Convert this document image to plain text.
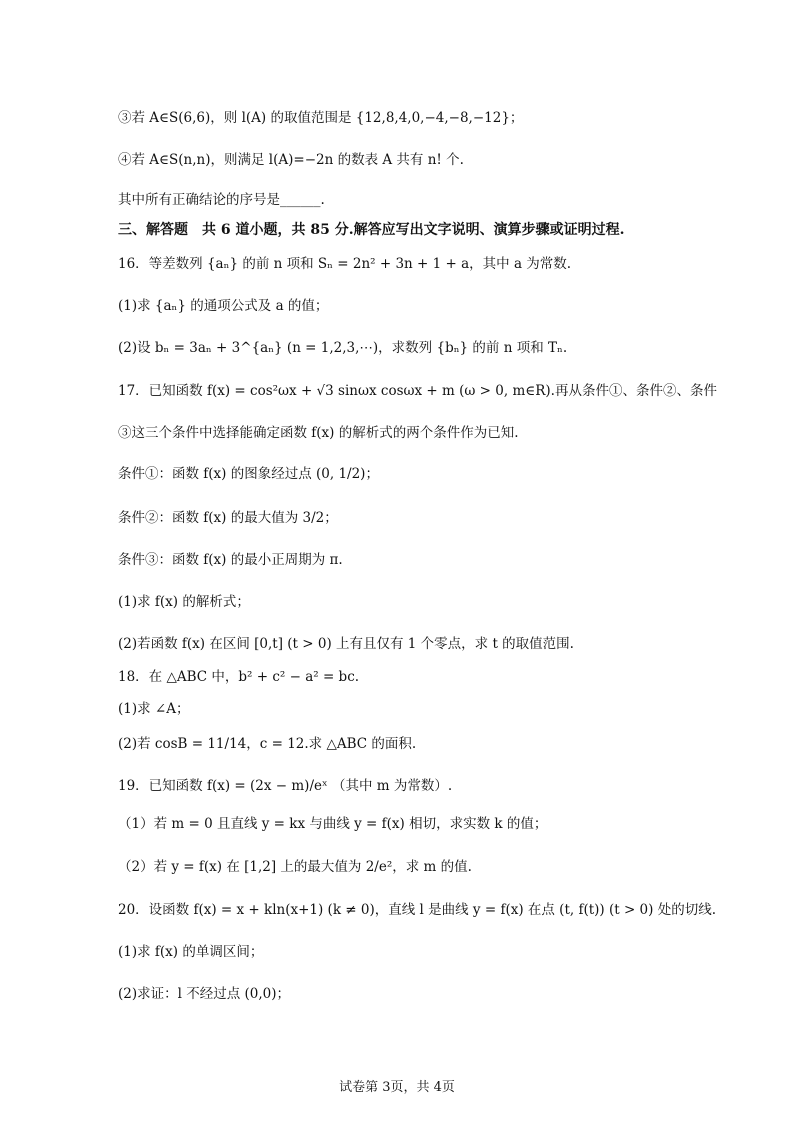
③若 A∈S(6,6)，则 l(A) 的取值范围是 {12,8,4,0,−4,−8,−12}；
④若 A∈S(n,n)，则满足 l(A)=−2n 的数表 A 共有 n! 个.
其中所有正确结论的序号是______.
三、解答题　共 6 道小题，共 85 分.解答应写出文字说明、演算步骤或证明过程.
16．等差数列 {aₙ} 的前 n 项和 Sₙ = 2n² + 3n + 1 + a，其中 a 为常数.
(1)求 {aₙ} 的通项公式及 a 的值；
(2)设 bₙ = 3aₙ + 3^{aₙ} (n = 1,2,3,⋯)，求数列 {bₙ} 的前 n 项和 Tₙ.
17．已知函数 f(x) = cos²ωx + √3 sinωx cosωx + m (ω > 0, m∈R).再从条件①、条件②、条件
③这三个条件中选择能确定函数 f(x) 的解析式的两个条件作为已知.
条件①：函数 f(x) 的图象经过点 (0, 1/2)；
条件②：函数 f(x) 的最大值为 3/2；
条件③：函数 f(x) 的最小正周期为 π.
(1)求 f(x) 的解析式；
(2)若函数 f(x) 在区间 [0,t] (t > 0) 上有且仅有 1 个零点，求 t 的取值范围.
18．在 △ABC 中，b² + c² − a² = bc.
(1)求 ∠A；
(2)若 cosB = 11/14，c = 12.求 △ABC 的面积.
19．已知函数 f(x) = (2x − m)/eˣ （其中 m 为常数）.
（1）若 m = 0 且直线 y = kx 与曲线 y = f(x) 相切，求实数 k 的值；
（2）若 y = f(x) 在 [1,2] 上的最大值为 2/e²，求 m 的值.
20．设函数 f(x) = x + kln(x+1) (k ≠ 0)，直线 l 是曲线 y = f(x) 在点 (t, f(t)) (t > 0) 处的切线.
(1)求 f(x) 的单调区间；
(2)求证：l 不经过点 (0,0)；
试卷第 3页，共 4页
